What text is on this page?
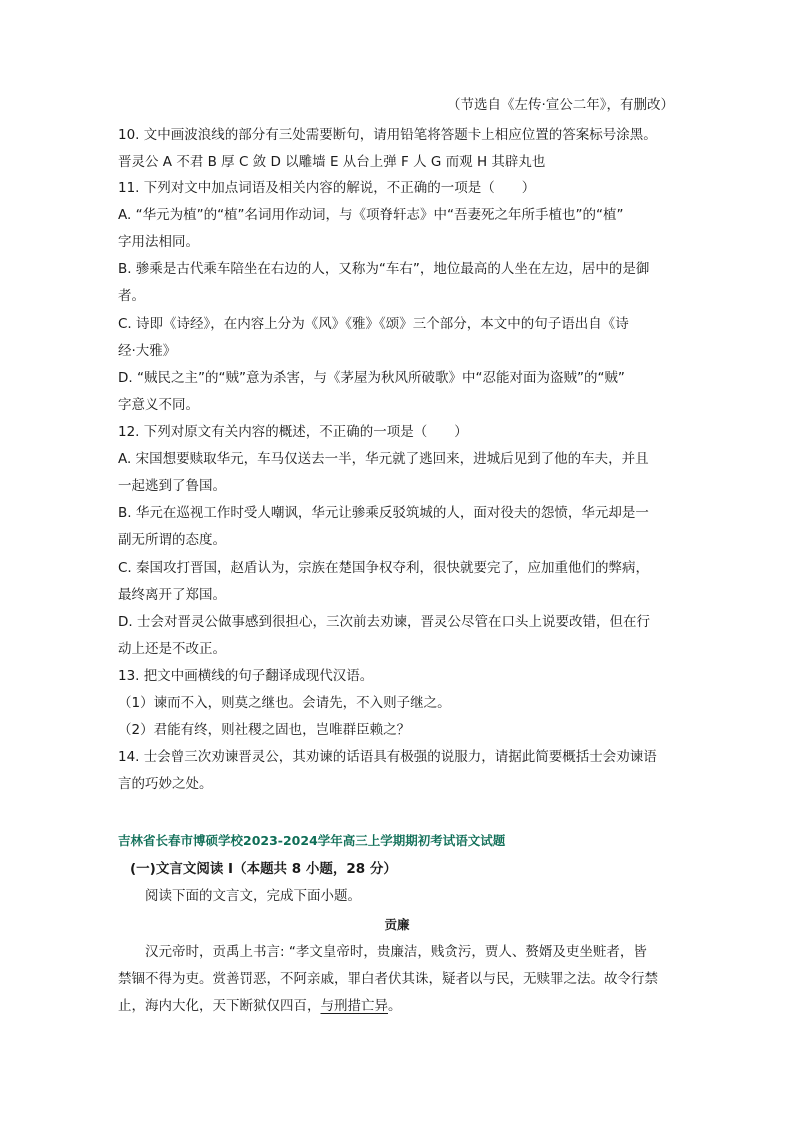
（节选自《左传·宣公二年》，有删改）
10. 文中画波浪线的部分有三处需要断句，请用铅笔将答题卡上相应位置的答案标号涂黑。
晋灵公 A 不君 B 厚 C 敛 D 以雕墙 E 从台上弹 F 人 G 而观 H 其辟丸也
11. 下列对文中加点词语及相关内容的解说，不正确的一项是（　　）
A. “华元为植”的“植”名词用作动词，与《项脊轩志》中“吾妻死之年所手植也”的“植”
字用法相同。
B. 骖乘是古代乘车陪坐在右边的人，又称为“车右”，地位最高的人坐在左边，居中的是御
者。
C. 诗即《诗经》，在内容上分为《风》《雅》《颂》三个部分，本文中的句子语出自《诗
经·大雅》
D. “贼民之主”的“贼”意为杀害，与《茅屋为秋风所破歌》中“忍能对面为盗贼”的“贼”
字意义不同。
12. 下列对原文有关内容的概述，不正确的一项是（　　）
A. 宋国想要赎取华元，车马仅送去一半，华元就了逃回来，进城后见到了他的车夫，并且
一起逃到了鲁国。
B. 华元在巡视工作时受人嘲讽，华元让骖乘反驳筑城的人，面对役夫的怨愤，华元却是一
副无所谓的态度。
C. 秦国攻打晋国，赵盾认为，宗族在楚国争权夺利，很快就要完了，应加重他们的弊病，
最终离开了郑国。
D. 士会对晋灵公做事感到很担心，三次前去劝谏，晋灵公尽管在口头上说要改错，但在行
动上还是不改正。
13. 把文中画横线的句子翻译成现代汉语。
（1）谏而不入，则莫之继也。会请先，不入则子继之。
（2）君能有终，则社稷之固也，岂唯群臣赖之？
14. 士会曾三次劝谏晋灵公，其劝谏的话语具有极强的说服力，请据此简要概括士会劝谏语
言的巧妙之处。
吉林省长春市博硕学校2023-2024学年高三上学期期初考试语文试题
(一)文言文阅读 I（本题共 8 小题，28 分）
阅读下面的文言文，完成下面小题。
贡廉
汉元帝时，贡禹上书言: “孝文皇帝时，贵廉洁，贱贪污，贾人、赘婿及吏坐赃者，皆
禁锢不得为吏。赏善罚恶，不阿亲戚，罪白者伏其诛，疑者以与民，无赎罪之法。故令行禁
止，海内大化，天下断狱仅四百，与刑措亡异。
